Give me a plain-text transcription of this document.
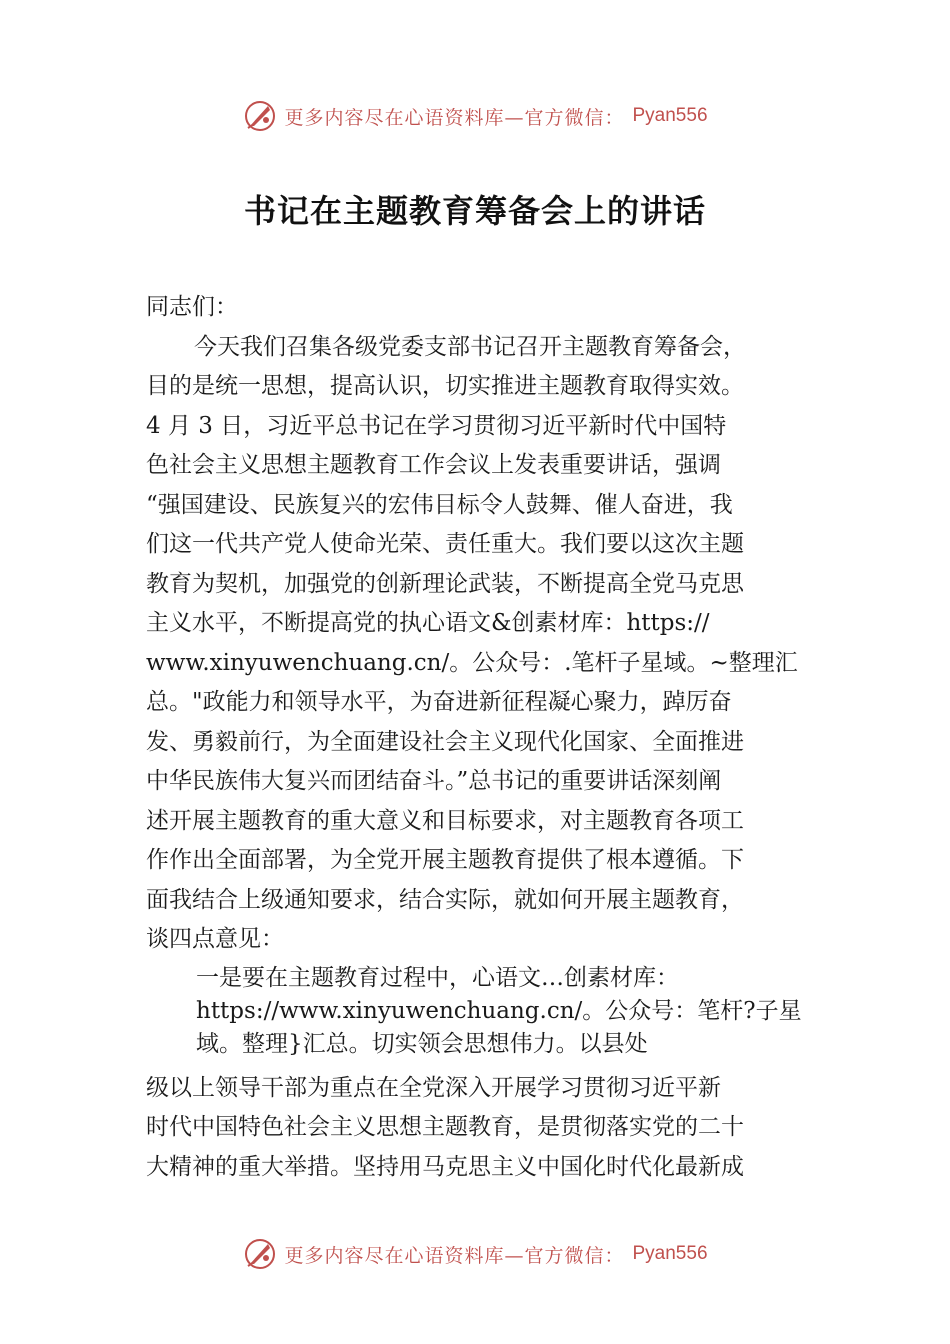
更多内容尽在心语资料库—官方微信： Pyan556
书记在主题教育筹备会上的讲话

同志们：

今天我们召集各级党委支部书记召开主题教育筹备会，
目的是统一思想，提高认识，切实推进主题教育取得实效。
4 月 3 日，习近平总书记在学习贯彻习近平新时代中国特
色社会主义思想主题教育工作会议上发表重要讲话，强调
“强国建设、民族复兴的宏伟目标令人鼓舞、催人奋进，我
们这一代共产党人使命光荣、责任重大。我们要以这次主题
教育为契机，加强党的创新理论武装，不断提高全党马克思
主义水平，不断提高党的执心语文&创素材库：https://
www.xinyuwenchuang.cn/。公众号：.笔杆子星域。~整理汇
总。"政能力和领导水平，为奋进新征程凝心聚力，踔厉奋
发、勇毅前行，为全面建设社会主义现代化国家、全面推进
中华民族伟大复兴而团结奋斗。”总书记的重要讲话深刻阐
述开展主题教育的重大意义和目标要求，对主题教育各项工
作作出全面部署，为全党开展主题教育提供了根本遵循。下
面我结合上级通知要求，结合实际，就如何开展主题教育，
谈四点意见：

一是要在主题教育过程中，心语文…创素材库：
https://www.xinyuwenchuang.cn/。公众号：笔杆?子星
域。整理}汇总。切实领会思想伟力。以县处

级以上领导干部为重点在全党深入开展学习贯彻习近平新
时代中国特色社会主义思想主题教育，是贯彻落实党的二十
大精神的重大举措。坚持用马克思主义中国化时代化最新成

更多内容尽在心语资料库—官方微信： Pyan556
